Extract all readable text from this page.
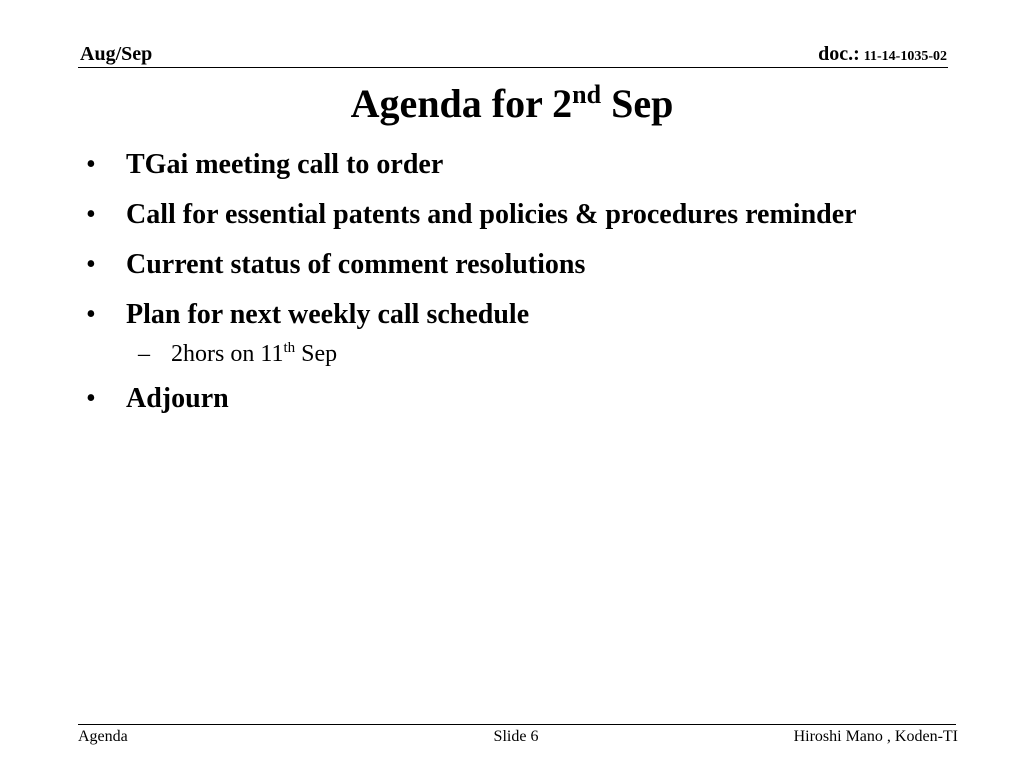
Aug/Sep	doc.: 11-14-1035-02
Agenda for 2nd Sep
• TGai meeting call to order
• Call for essential patents and policies & procedures reminder
• Current status of comment resolutions
• Plan for next weekly call schedule
– 2hors on 11th Sep
• Adjourn
Agenda	Slide 6	Hiroshi Mano , Koden-TI
